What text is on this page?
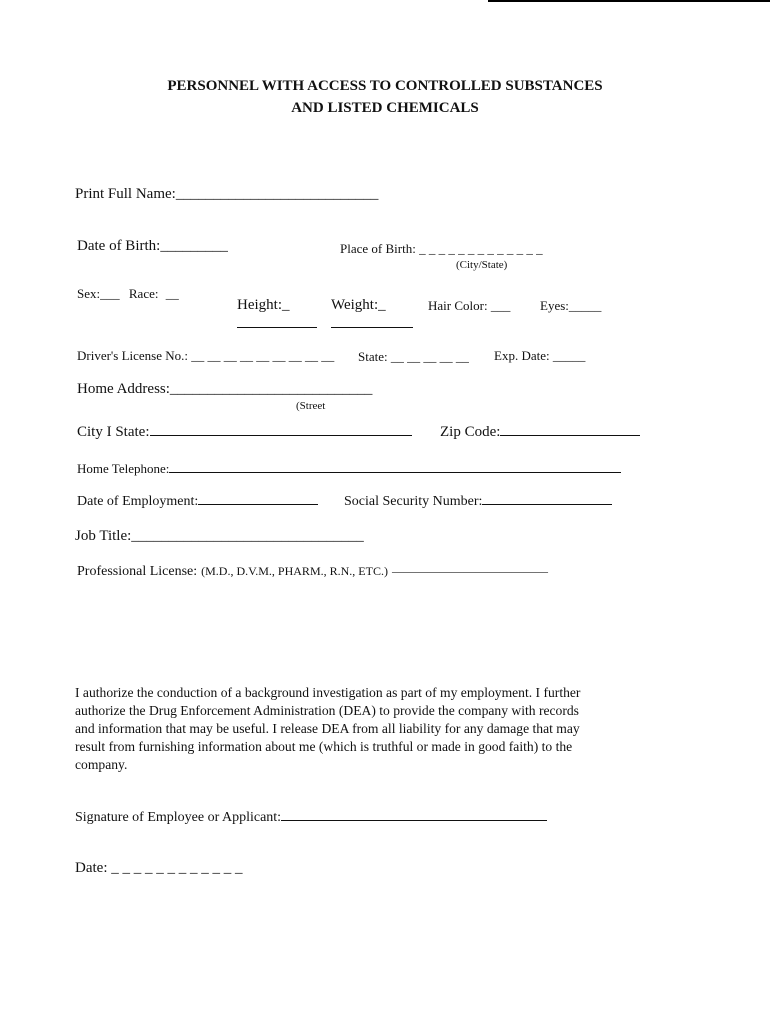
PERSONNEL WITH ACCESS TO CONTROLLED SUBSTANCES
AND LISTED CHEMICALS
Print Full Name:___________________________
Date of Birth:_________	Place of Birth: _ _ _ _ _ _ _ _ _ _ _ _ _
(City/State)
Sex:___ Race: __
Height:_	Weight:_	Hair Color: ___ Eyes:_____
Driver's License No.: __ __ __ __ __ __ __ __ __ State: __ __ __ __ __ Exp. Date: _____
Home Address:___________________________
(Street
City I State:	Zip Code:
Home Telephone:
Date of Employment:	Social Security Number:
Job Title:_______________________________
Professional License: (M.D., D.V.M., PHARM., R.N., ETC.) —————————————
I authorize the conduction of a background investigation as part of my employment. I further
authorize the Drug Enforcement Administration (DEA) to provide the company with records
and information that may be useful. I release DEA from all liability for any damage that may
result from furnishing information about me (which is truthful or made in good faith) to the
company.
Signature of Employee or Applicant:
Date: _ _ _ _ _ _ _ _ _ _ _ _
